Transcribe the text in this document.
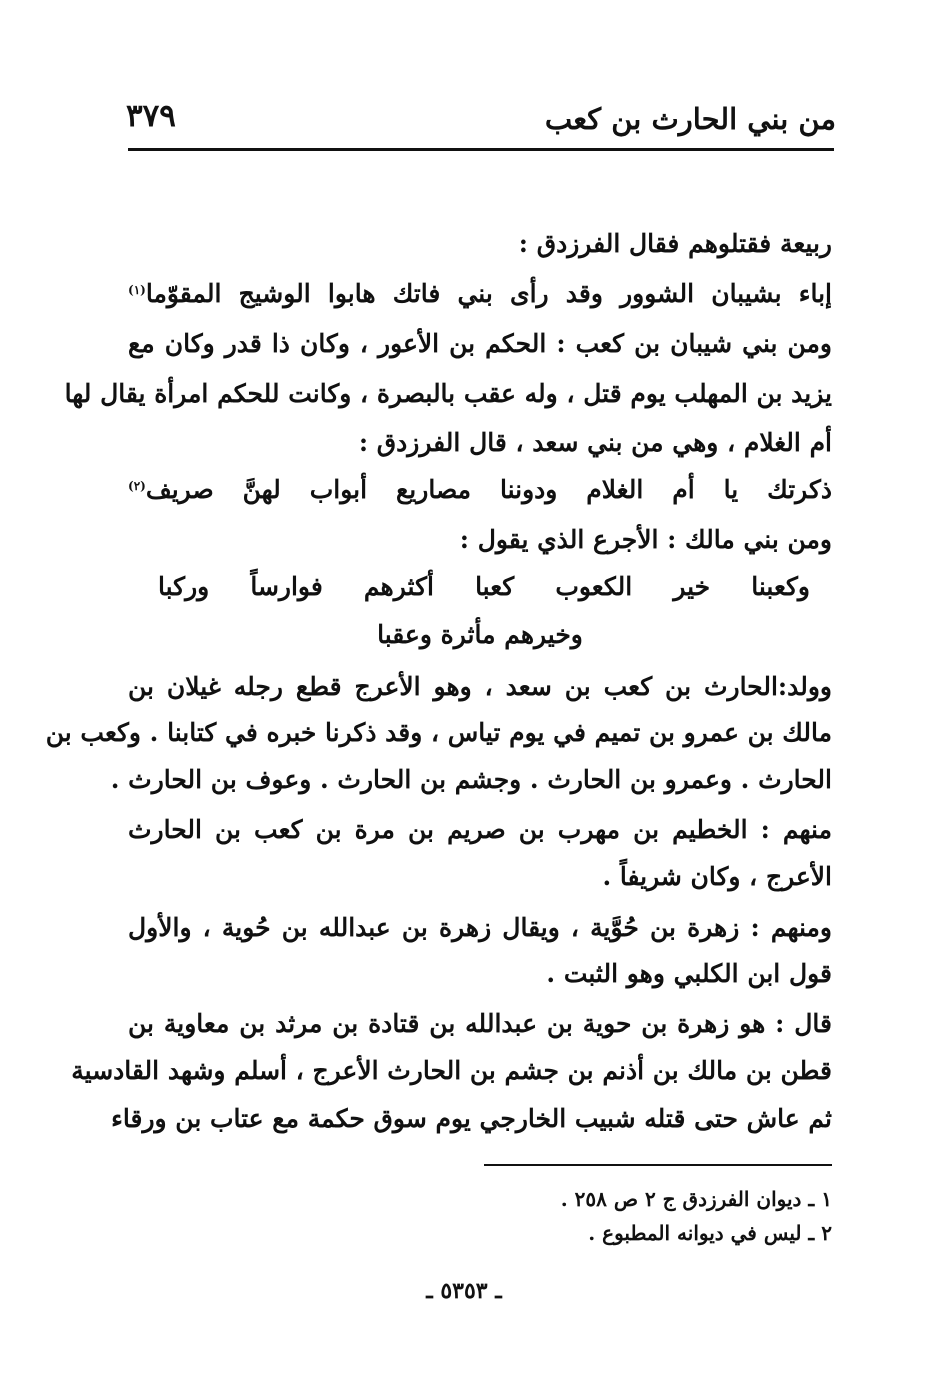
من بني الحارث بن كعب
٣٧٩
ربيعة فقتلوهم فقال الفرزدق :
إباء بشيبان الشوور وقد رأى بني فاتك هابوا الوشيج المقوّما$^{(١)}$
ومن بني شيبان بن كعب : الحكم بن الأعور ، وكان ذا قدر وكان مع
يزيد بن المهلب يوم قتل ، وله عقب بالبصرة ، وكانت للحكم امرأة يقال لها
أم الغلام ، وهي من بني سعد ، قال الفرزدق :
ذكرتك يا أم الغلام ودوننا مصاريع أبواب لهنَّ صريف$^{(٢)}$
ومن بني مالك : الأجرع الذي يقول :
وكعبنا خير الكعوب كعبا أكثرهم فوارساً وركبا
وخيرهم مأثرة وعقبا
وولد:الحارث بن كعب بن سعد ، وهو الأعرج قطع رجله غيلان بن
مالك بن عمرو بن تميم في يوم تياس ، وقد ذكرنا خبره في كتابنا . وكعب بن
الحارث . وعمرو بن الحارث . وجشم بن الحارث . وعوف بن الحارث .
منهم : الخطيم بن مهرب بن صريم بن مرة بن كعب بن الحارث
الأعرج ، وكان شريفاً .
ومنهم : زهرة بن حُوَّية ، ويقال زهرة بن عبدالله بن حُوية ، والأول
قول ابن الكلبي وهو الثبت .
قال : هو زهرة بن حوية بن عبدالله بن قتادة بن مرثد بن معاوية بن
قطن بن مالك بن أذنم بن جشم بن الحارث الأعرج ، أسلم وشهد القادسية
ثم عاش حتى قتله شبيب الخارجي يوم سوق حكمة مع عتاب بن ورقاء
١ ـ ديوان الفرزدق ج ٢ ص ٢٥٨ .
٢ ـ ليس في ديوانه المطبوع .
ـ ٥٣٥٣ ـ
